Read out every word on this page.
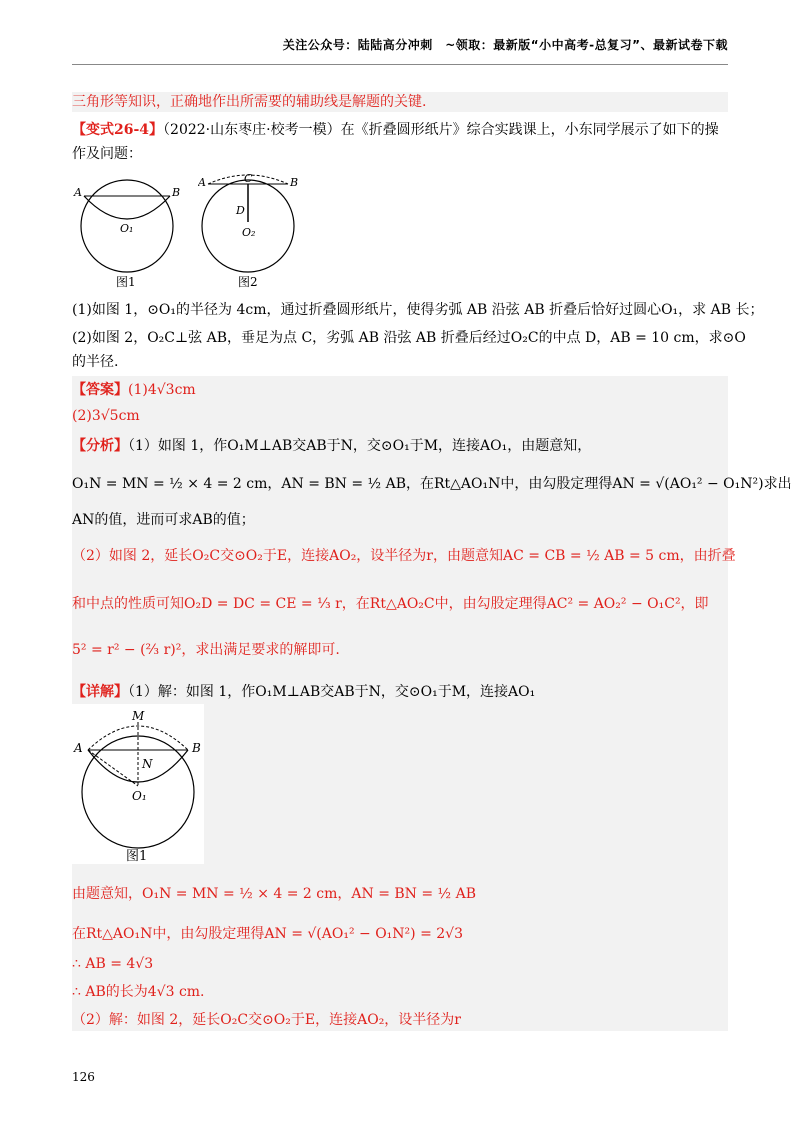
关注公众号：陆陆高分冲刺　~领取：最新版“小中高考-总复习”、最新试卷下载
三角形等知识，正确地作出所需要的辅助线是解题的关键.
【变式26-4】（2022·山东枣庄·校考一模）在《折叠圆形纸片》综合实践课上，小东同学展示了如下的操
作及问题：
A	B
O₁
图1
A	B
C
D
O₂
图2
(1)如图 1，⊙O₁的半径为 4cm，通过折叠圆形纸片，使得劣弧 AB 沿弦 AB 折叠后恰好过圆心O₁，求 AB 长；
(2)如图 2，O₂C⊥弦 AB，垂足为点 C，劣弧 AB 沿弦 AB 折叠后经过O₂C的中点 D，AB = 10 cm，求⊙O
的半径.
【答案】(1)4√3cm
(2)3√5cm
【分析】（1）如图 1，作O₁M⊥AB交AB于N，交⊙O₁于M，连接AO₁，由题意知，
O₁N = MN = ½ × 4 = 2 cm，AN = BN = ½ AB，在Rt△AO₁N中，由勾股定理得AN = √(AO₁² − O₁N²)求出
AN的值，进而可求AB的值；
（2）如图 2，延长O₂C交⊙O₂于E，连接AO₂，设半径为r，由题意知AC = CB = ½ AB = 5 cm，由折叠
和中点的性质可知O₂D = DC = CE = ⅓ r，在Rt△AO₂C中，由勾股定理得AC² = AO₂² − O₁C²，即
5² = r² − (⅔ r)²，求出满足要求的解即可.
【详解】（1）解：如图 1，作O₁M⊥AB交AB于N，交⊙O₁于M，连接AO₁
M
A	B
N
O₁
图1
由题意知，O₁N = MN = ½ × 4 = 2 cm，AN = BN = ½ AB
在Rt△AO₁N中，由勾股定理得AN = √(AO₁² − O₁N²) = 2√3
∴ AB = 4√3
∴ AB的长为4√3 cm.
（2）解：如图 2，延长O₂C交⊙O₂于E，连接AO₂，设半径为r
126
